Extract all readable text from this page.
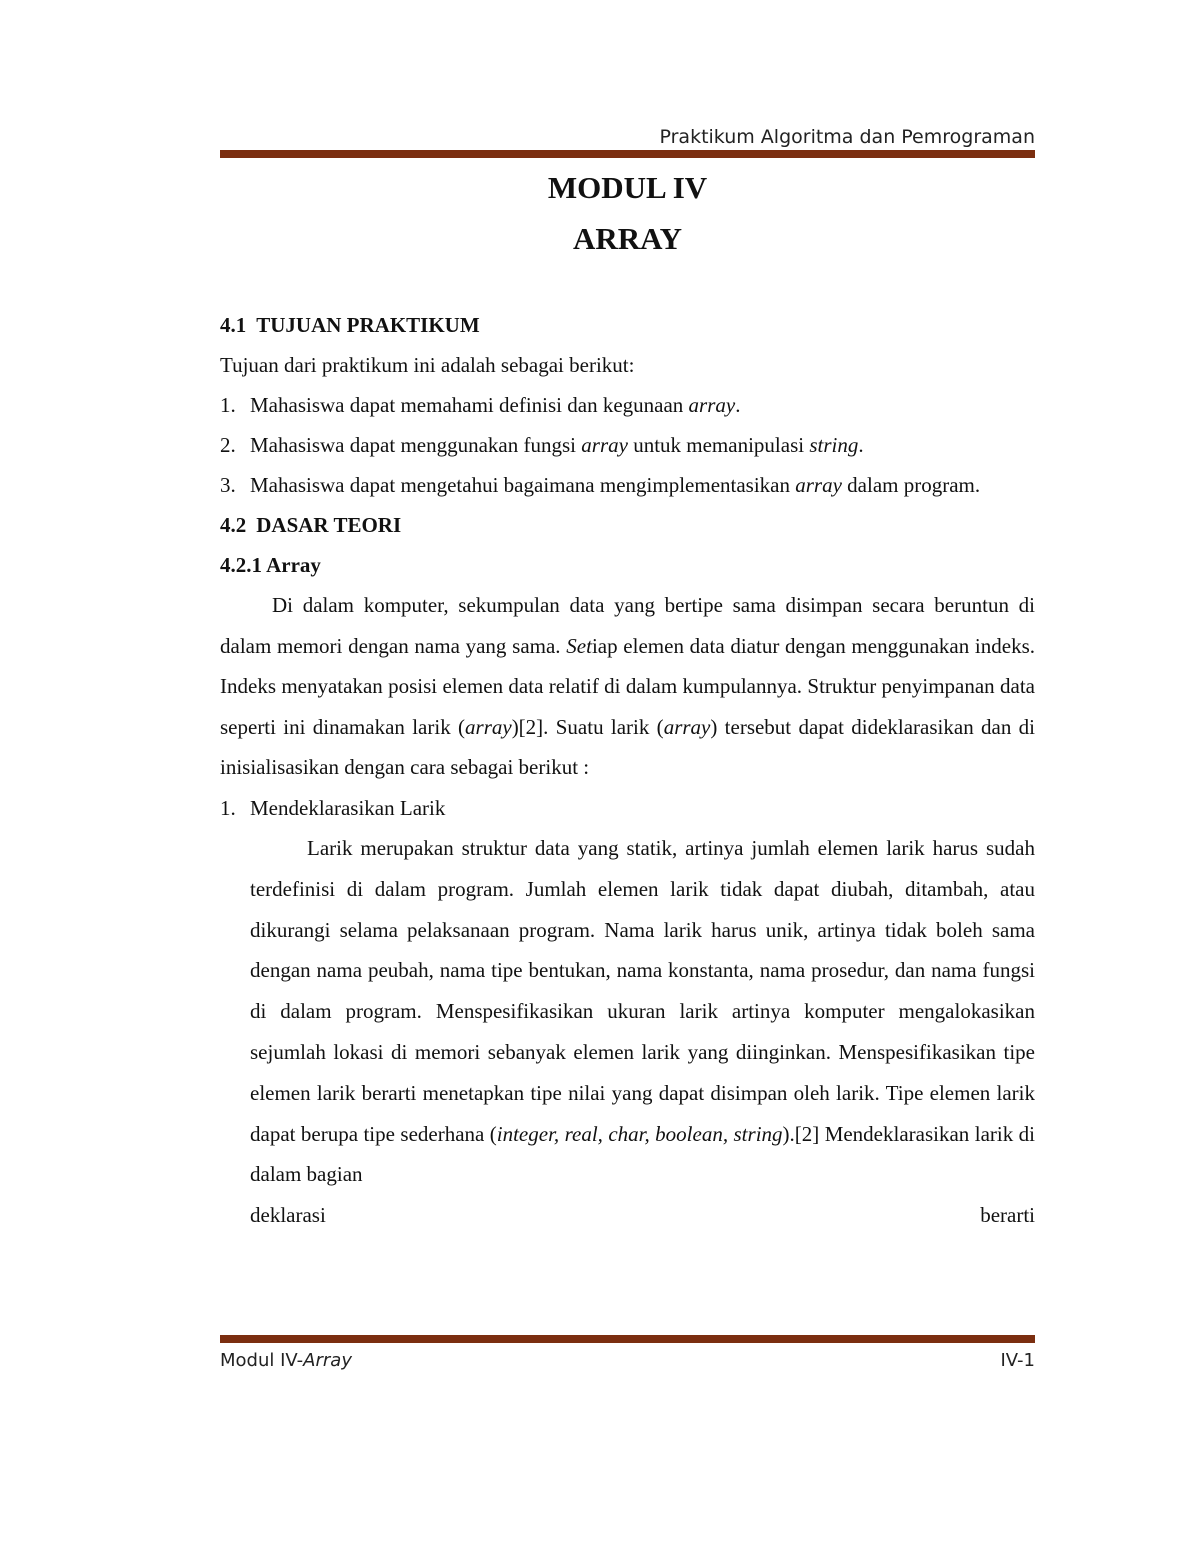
Praktikum Algoritma dan Pemrograman
MODUL IV
ARRAY

4.1 TUJUAN PRAKTIKUM

Tujuan dari praktikum ini adalah sebagai berikut:

1. Mahasiswa dapat memahami definisi dan kegunaan array.

2. Mahasiswa dapat menggunakan fungsi array untuk memanipulasi string.

3. Mahasiswa dapat mengetahui bagaimana mengimplementasikan array dalam program.

4.2 DASAR TEORI

4.2.1 Array

Di dalam komputer, sekumpulan data yang bertipe sama disimpan secara beruntun di dalam memori dengan nama yang sama. Setiap elemen data diatur dengan menggunakan indeks. Indeks menyatakan posisi elemen data relatif di dalam kumpulannya. Struktur penyimpanan data seperti ini dinamakan larik (array)[2]. Suatu larik (array) tersebut dapat dideklarasikan dan di inisialisasikan dengan cara sebagai berikut :

1. Mendeklarasikan Larik

Larik merupakan struktur data yang statik, artinya jumlah elemen larik harus sudah terdefinisi di dalam program. Jumlah elemen larik tidak dapat diubah, ditambah, atau dikurangi selama pelaksanaan program. Nama larik harus unik, artinya tidak boleh sama dengan nama peubah, nama tipe bentukan, nama konstanta, nama prosedur, dan nama fungsi di dalam program. Menspesifikasikan ukuran larik artinya komputer mengalokasikan sejumlah lokasi di memori sebanyak elemen larik yang diinginkan. Menspesifikasikan tipe elemen larik berarti menetapkan tipe nilai yang dapat disimpan oleh larik. Tipe elemen larik dapat berupa tipe sederhana (integer, real, char, boolean, string).[2] Mendeklarasikan larik di dalam bagian

deklarasi	berarti
Modul IV-Array	IV-1
